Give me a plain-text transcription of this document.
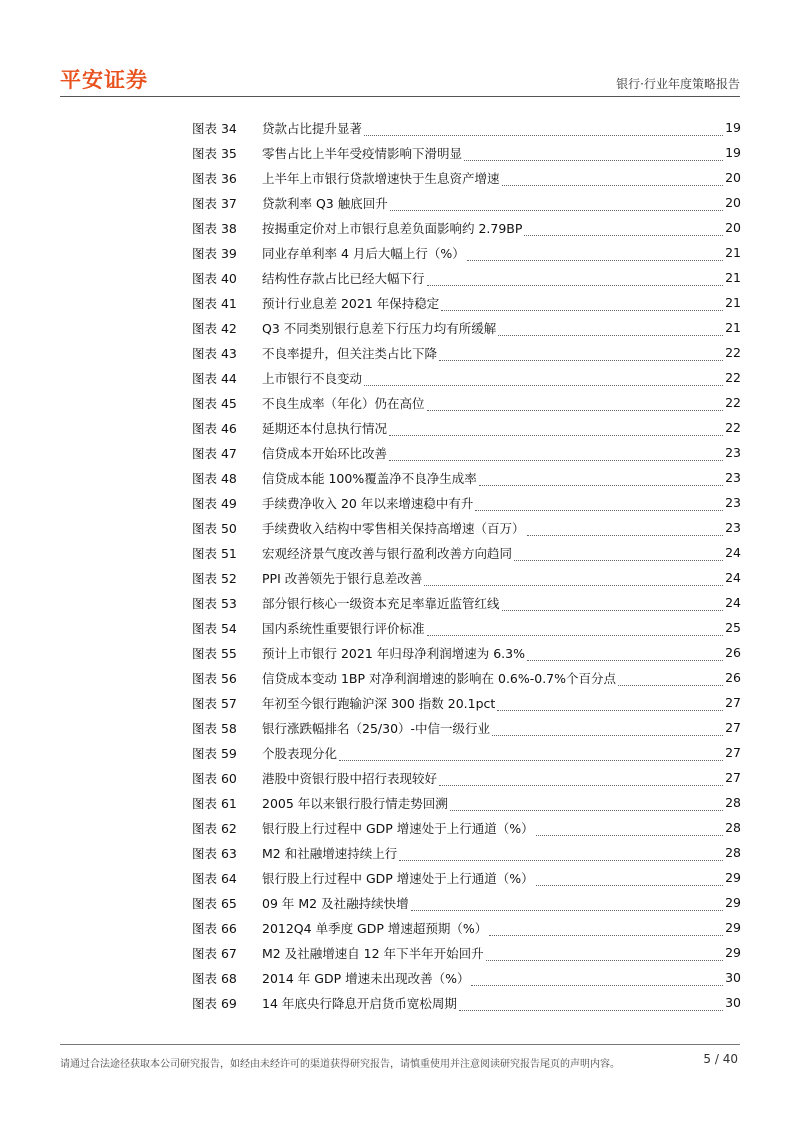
平安证券	银行·行业年度策略报告
图表 34	贷款占比提升显著	19
图表 35	零售占比上半年受疫情影响下滑明显	19
图表 36	上半年上市银行贷款增速快于生息资产增速	20
图表 37	贷款利率 Q3 触底回升	20
图表 38	按揭重定价对上市银行息差负面影响约 2.79BP	20
图表 39	同业存单利率 4 月后大幅上行（%）	21
图表 40	结构性存款占比已经大幅下行	21
图表 41	预计行业息差 2021 年保持稳定	21
图表 42	Q3 不同类别银行息差下行压力均有所缓解	21
图表 43	不良率提升，但关注类占比下降	22
图表 44	上市银行不良变动	22
图表 45	不良生成率（年化）仍在高位	22
图表 46	延期还本付息执行情况	22
图表 47	信贷成本开始环比改善	23
图表 48	信贷成本能 100%覆盖净不良净生成率	23
图表 49	手续费净收入 20 年以来增速稳中有升	23
图表 50	手续费收入结构中零售相关保持高增速（百万）	23
图表 51	宏观经济景气度改善与银行盈利改善方向趋同	24
图表 52	PPI 改善领先于银行息差改善	24
图表 53	部分银行核心一级资本充足率靠近监管红线	24
图表 54	国内系统性重要银行评价标准	25
图表 55	预计上市银行 2021 年归母净利润增速为 6.3%	26
图表 56	信贷成本变动 1BP 对净利润增速的影响在 0.6%-0.7%个百分点	26
图表 57	年初至今银行跑输沪深 300 指数 20.1pct	27
图表 58	银行涨跌幅排名（25/30）-中信一级行业	27
图表 59	个股表现分化	27
图表 60	港股中资银行股中招行表现较好	27
图表 61	2005 年以来银行股行情走势回溯	28
图表 62	银行股上行过程中 GDP 增速处于上行通道（%）	28
图表 63	M2 和社融增速持续上行	28
图表 64	银行股上行过程中 GDP 增速处于上行通道（%）	29
图表 65	09 年 M2 及社融持续快增	29
图表 66	2012Q4 单季度 GDP 增速超预期（%）	29
图表 67	M2 及社融增速自 12 年下半年开始回升	29
图表 68	2014 年 GDP 增速未出现改善（%）	30
图表 69	14 年底央行降息开启货币宽松周期	30
请通过合法途径获取本公司研究报告，如经由未经许可的渠道获得研究报告，请慎重使用并注意阅读研究报告尾页的声明内容。	5 / 40
